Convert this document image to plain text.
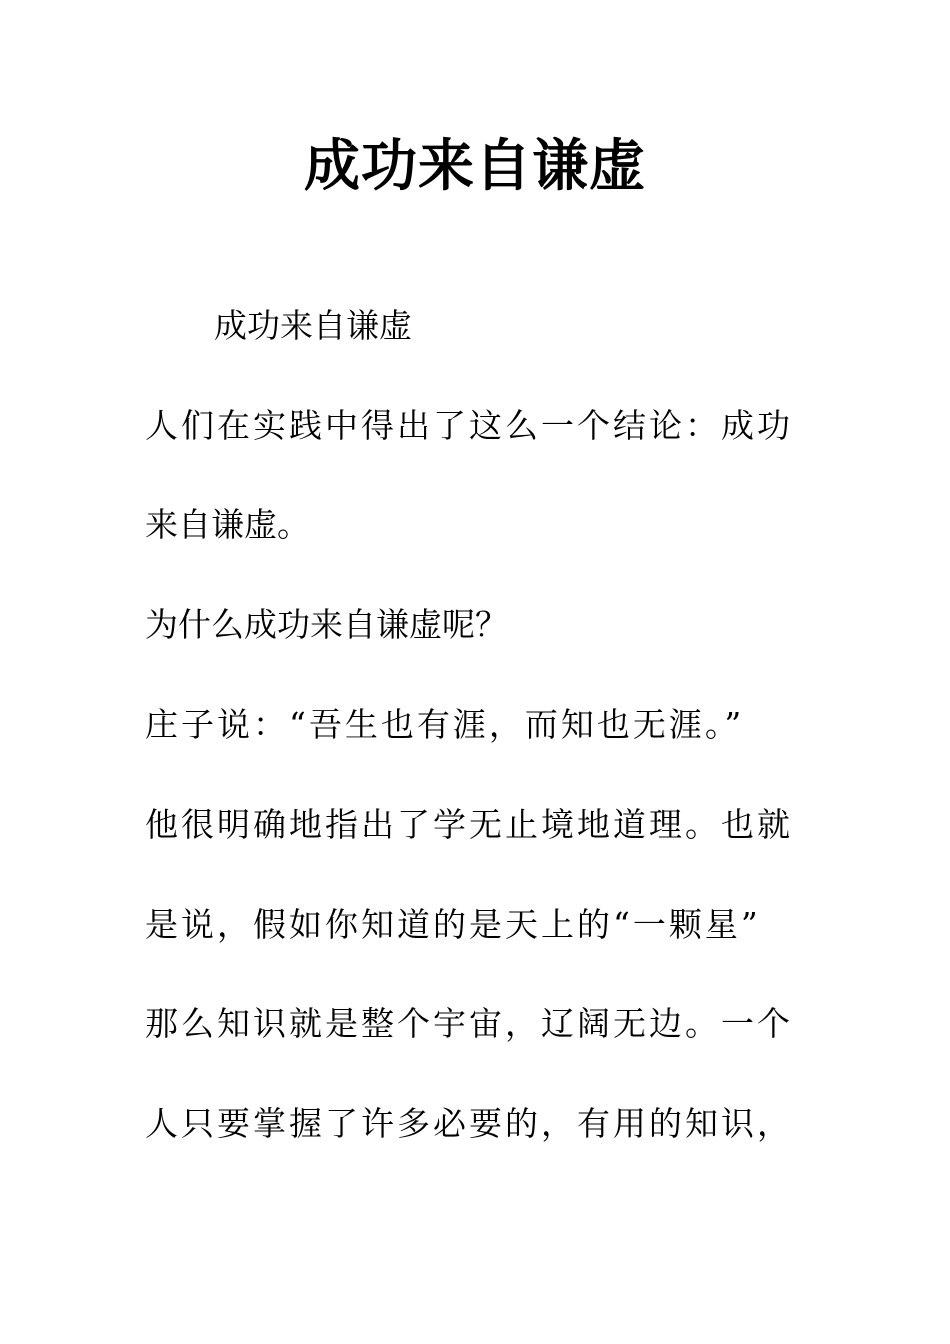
成功来自谦虚

成功来自谦虚

人们在实践中得出了这么一个结论：成功

来自谦虚。

为什么成功来自谦虚呢？

庄子说：“吾生也有涯，而知也无涯。”

他很明确地指出了学无止境地道理。也就

是说，假如你知道的是天上的“一颗星”

那么知识就是整个宇宙，辽阔无边。一个

人只要掌握了许多必要的，有用的知识，
